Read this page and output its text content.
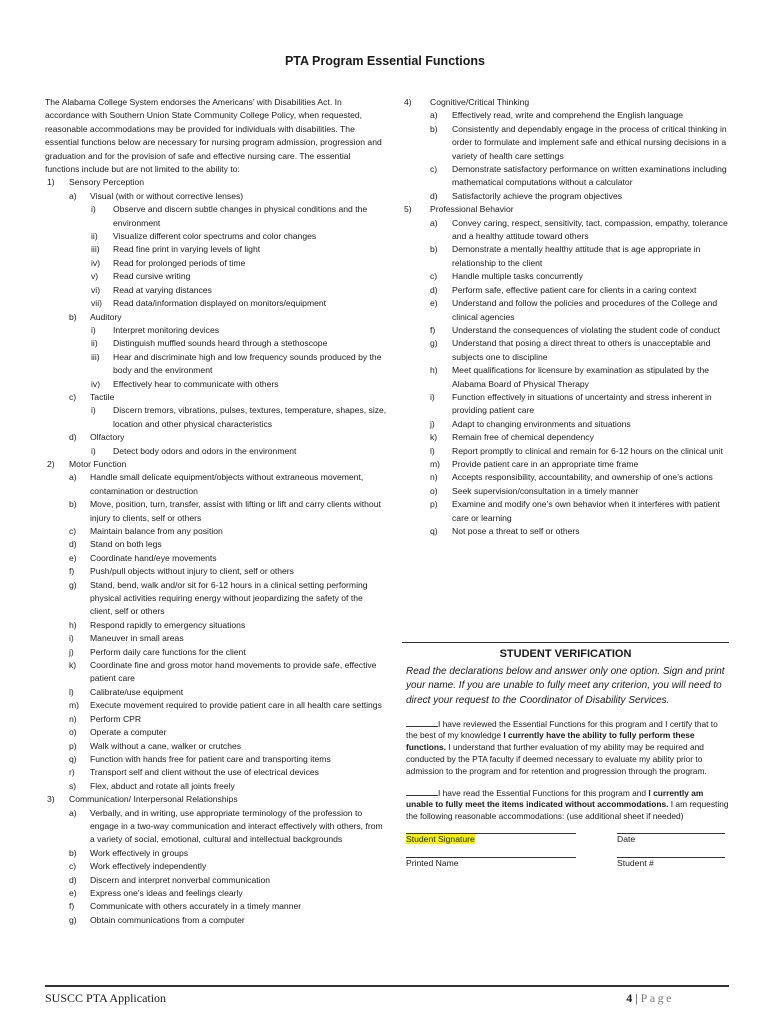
PTA Program Essential Functions
The Alabama College System endorses the Americans’ with Disabilities Act. In accordance with Southern Union State Community College Policy, when requested, reasonable accommodations may be provided for individuals with disabilities. The essential functions below are necessary for nursing program admission, progression and graduation and for the provision of safe and effective nursing care. The essential functions include but are not limited to the ability to:
1)	Sensory Perception
a)	Visual (with or without corrective lenses)
i)	Observe and discern subtle changes in physical conditions and the environment
ii)	Visualize different color spectrums and color changes
iii)	Read fine print in varying levels of light
iv)	Read for prolonged periods of time
v)	Read cursive writing
vi)	Read at varying distances
vii)	Read data/information displayed on monitors/equipment
b)	Auditory
i)	Interpret monitoring devices
ii)	Distinguish muffled sounds heard through a stethoscope
iii)	Hear and discriminate high and low frequency sounds produced by the body and the environment
iv)	Effectively hear to communicate with others
c)	Tactile
i)	Discern tremors, vibrations, pulses, textures, temperature, shapes, size, location and other physical characteristics
d)	Olfactory
i)	Detect body odors and odors in the environment
2)	Motor Function
a)	Handle small delicate equipment/objects without extraneous movement, contamination or destruction
b)	Move, position, turn, transfer, assist with lifting or lift and carry clients without injury to clients, self or others
c)	Maintain balance from any position
d)	Stand on both legs
e)	Coordinate hand/eye movements
f)	Push/pull objects without injury to client, self or others
g)	Stand, bend, walk and/or sit for 6-12 hours in a clinical setting performing physical activities requiring energy without jeopardizing the safety of the client, self or others
h)	Respond rapidly to emergency situations
i)	Maneuver in small areas
j)	Perform daily care functions for the client
k)	Coordinate fine and gross motor hand movements to provide safe, effective patient care
l)	Calibrate/use equipment
m)	Execute movement required to provide patient care in all health care settings
n)	Perform CPR
o)	Operate a computer
p)	Walk without a cane, walker or crutches
q)	Function with hands free for patient care and transporting items
r)	Transport self and client without the use of electrical devices
s)	Flex, abduct and rotate all joints freely
3)	Communication/ Interpersonal Relationships
a)	Verbally, and in writing, use appropriate terminology of the profession to engage in a two-way communication and interact effectively with others, from a variety of social, emotional, cultural and intellectual backgrounds
b)	Work effectively in groups
c)	Work effectively independently
d)	Discern and interpret nonverbal communication
e)	Express one’s ideas and feelings clearly
f)	Communicate with others accurately in a timely manner
g)	Obtain communications from a computer
4)	Cognitive/Critical Thinking
a)	Effectively read, write and comprehend the English language
b)	Consistently and dependably engage in the process of critical thinking in order to formulate and implement safe and ethical nursing decisions in a variety of health care settings
c)	Demonstrate satisfactory performance on written examinations including mathematical computations without a calculator
d)	Satisfactorily achieve the program objectives
5)	Professional Behavior
a)	Convey caring, respect, sensitivity, tact, compassion, empathy, tolerance and a healthy attitude toward others
b)	Demonstrate a mentally healthy attitude that is age appropriate in relationship to the client
c)	Handle multiple tasks concurrently
d)	Perform safe, effective patient care for clients in a caring context
e)	Understand and follow the policies and procedures of the College and clinical agencies
f)	Understand the consequences of violating the student code of conduct
g)	Understand that posing a direct threat to others is unacceptable and subjects one to discipline
h)	Meet qualifications for licensure by examination as stipulated by the Alabama Board of Physical Therapy
i)	Function effectively in situations of uncertainty and stress inherent in providing patient care
j)	Adapt to changing environments and situations
k)	Remain free of chemical dependency
l)	Report promptly to clinical and remain for 6-12 hours on the clinical unit
m)	Provide patient care in an appropriate time frame
n)	Accepts responsibility, accountability, and ownership of one’s actions
o)	Seek supervision/consultation in a timely manner
p)	Examine and modify one’s own behavior when it interferes with patient care or learning
q)	Not pose a threat to self or others
STUDENT VERIFICATION
Read the declarations below and answer only one option. Sign and print your name. If you are unable to fully meet any criterion, you will need to direct your request to the Coordinator of Disability Services.
I have reviewed the Essential Functions for this program and I certify that to the best of my knowledge I currently have the ability to fully perform these functions. I understand that further evaluation of my ability may be required and conducted by the PTA faculty if deemed necessary to evaluate my ability prior to admission to the program and for retention and progression through the program.
I have read the Essential Functions for this program and I currently am unable to fully meet the items indicated without accommodations. I am requesting the following reasonable accommodations: (use additional sheet if needed)
Student Signature	Date
Printed Name	Student #
SUSCC PTA Application	4 | Page
